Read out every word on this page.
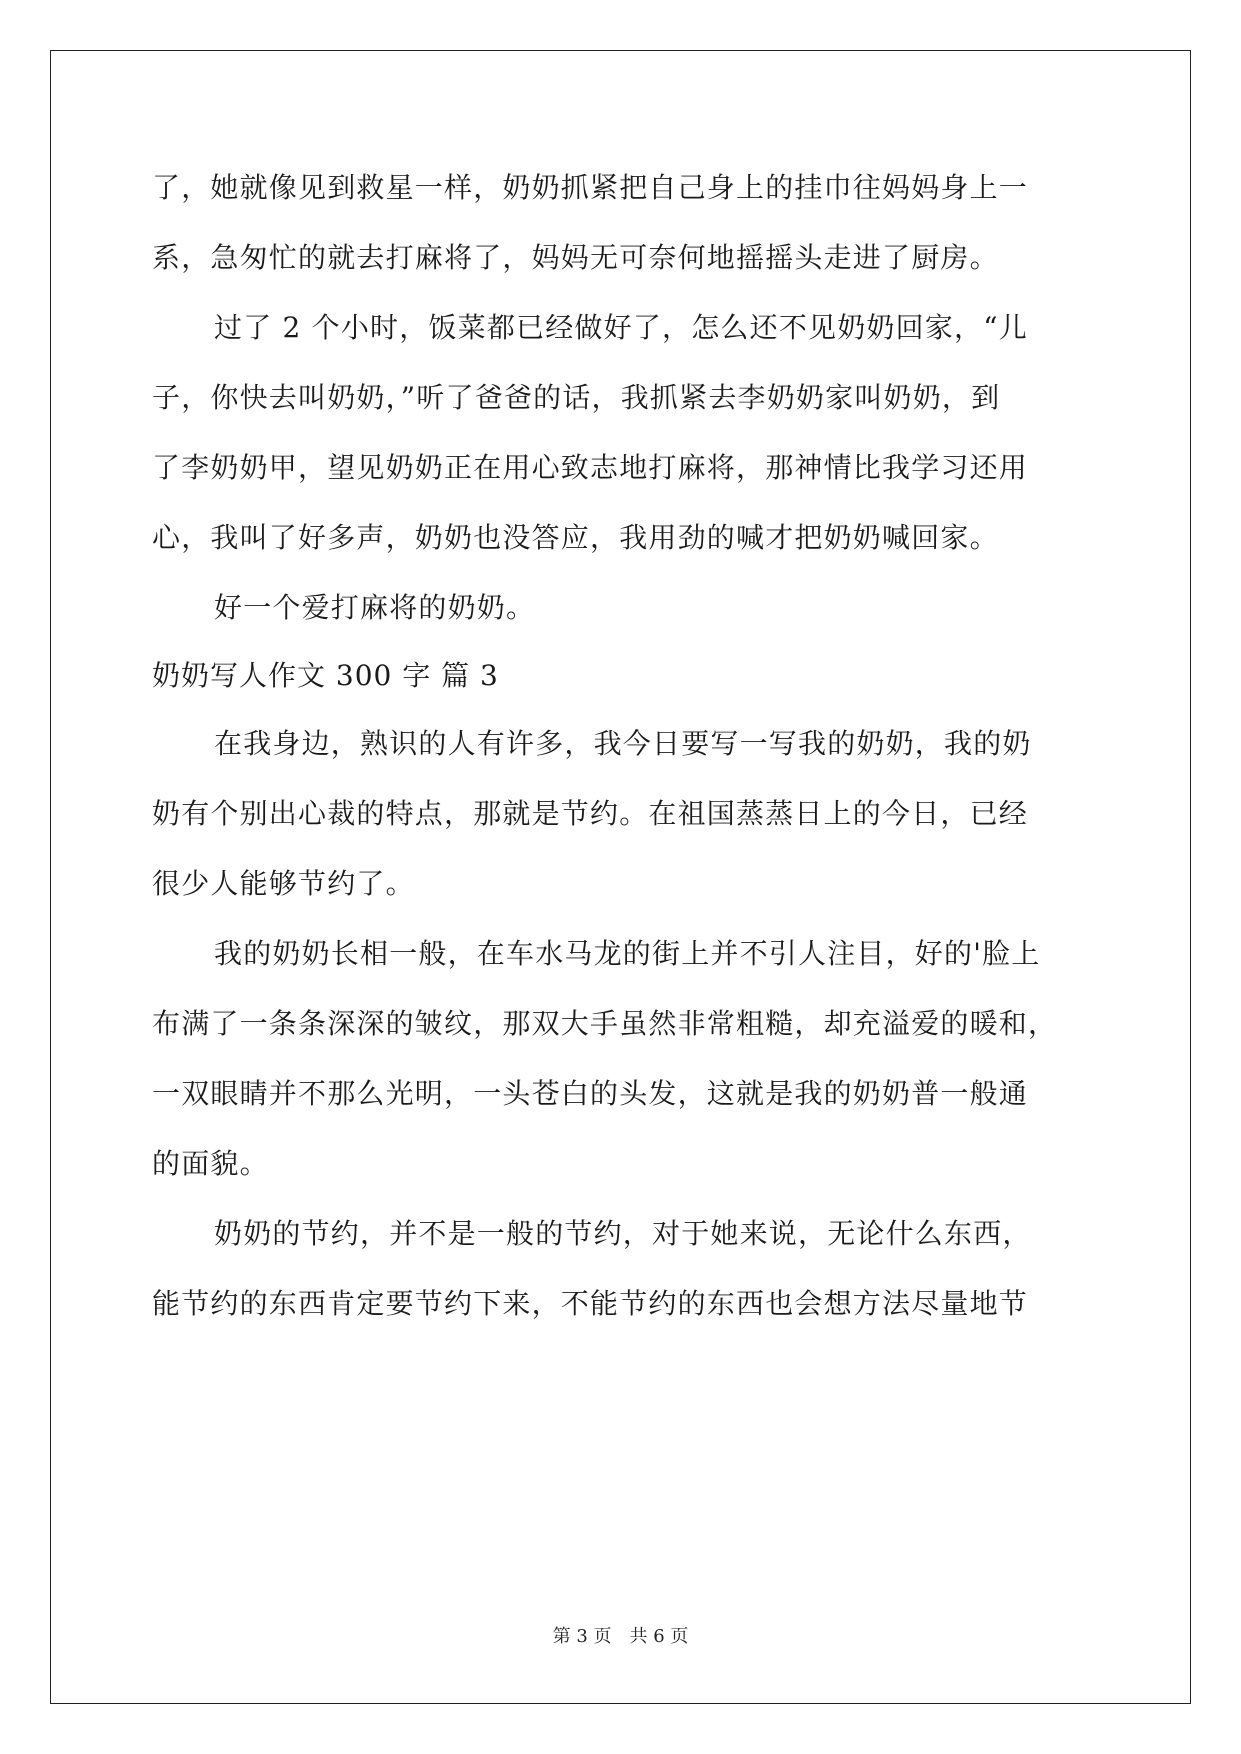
了，她就像见到救星一样，奶奶抓紧把自己身上的挂巾往妈妈身上一
系，急匆忙的就去打麻将了，妈妈无可奈何地摇摇头走进了厨房。
过了 2 个小时，饭菜都已经做好了，怎么还不见奶奶回家，“儿
子，你快去叫奶奶，”听了爸爸的话，我抓紧去李奶奶家叫奶奶，到
了李奶奶甲，望见奶奶正在用心致志地打麻将，那神情比我学习还用
心，我叫了好多声，奶奶也没答应，我用劲的喊才把奶奶喊回家。
好一个爱打麻将的奶奶。
奶奶写人作文 300 字 篇 3
在我身边，熟识的人有许多，我今日要写一写我的奶奶，我的奶
奶有个别出心裁的特点，那就是节约。在祖国蒸蒸日上的今日，已经
很少人能够节约了。
我的奶奶长相一般，在车水马龙的街上并不引人注目，好的'脸上
布满了一条条深深的皱纹，那双大手虽然非常粗糙，却充溢爱的暖和，
一双眼睛并不那么光明，一头苍白的头发，这就是我的奶奶普一般通
的面貌。
奶奶的节约，并不是一般的节约，对于她来说，无论什么东西，
能节约的东西肯定要节约下来，不能节约的东西也会想方法尽量地节
第 3 页 共 6 页
